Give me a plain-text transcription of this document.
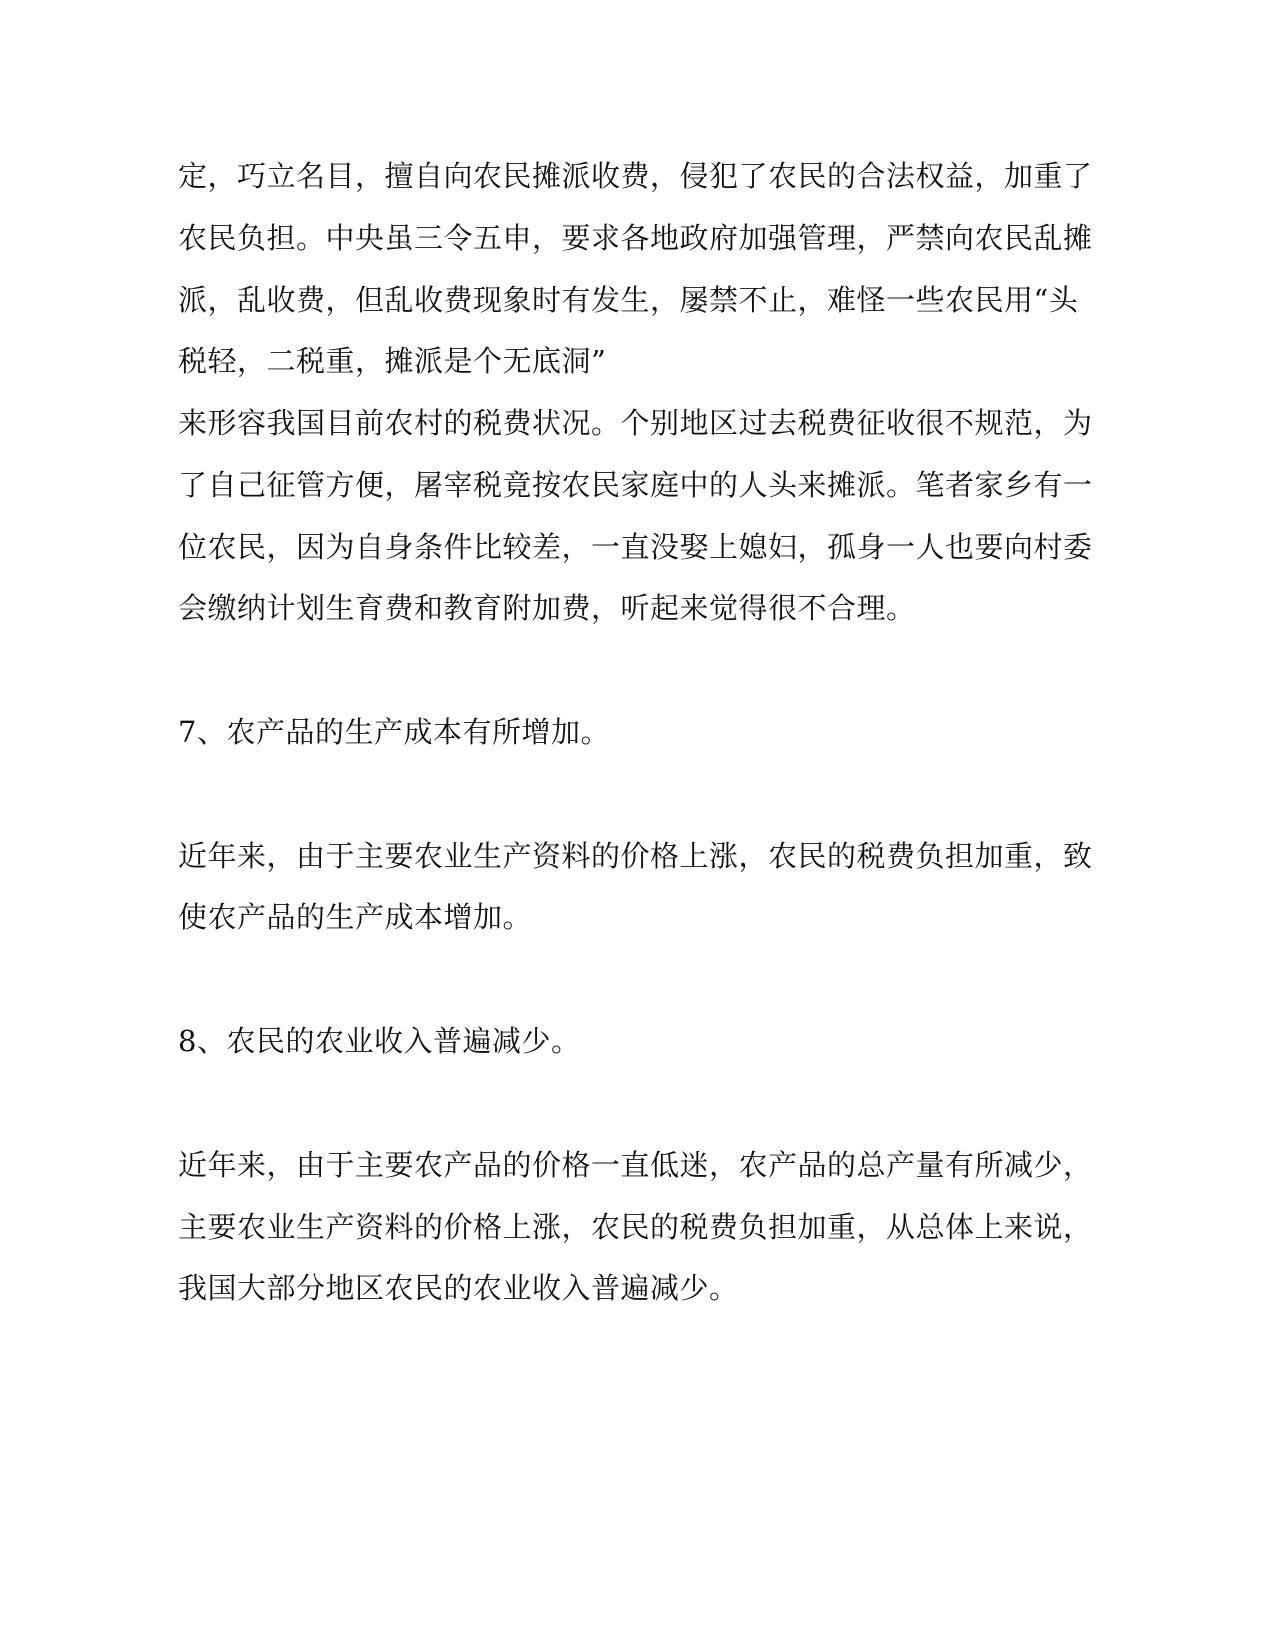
定，巧立名目，擅自向农民摊派收费，侵犯了农民的合法权益，加重了
农民负担。中央虽三令五申，要求各地政府加强管理，严禁向农民乱摊
派，乱收费，但乱收费现象时有发生，屡禁不止，难怪一些农民用“头
税轻，二税重，摊派是个无底洞”
来形容我国目前农村的税费状况。个别地区过去税费征收很不规范，为
了自己征管方便，屠宰税竟按农民家庭中的人头来摊派。笔者家乡有一
位农民，因为自身条件比较差，一直没娶上媳妇，孤身一人也要向村委
会缴纳计划生育费和教育附加费，听起来觉得很不合理。
7、农产品的生产成本有所增加。
近年来，由于主要农业生产资料的价格上涨，农民的税费负担加重，致
使农产品的生产成本增加。
8、农民的农业收入普遍减少。
近年来，由于主要农产品的价格一直低迷，农产品的总产量有所减少，
主要农业生产资料的价格上涨，农民的税费负担加重，从总体上来说，
我国大部分地区农民的农业收入普遍减少。
